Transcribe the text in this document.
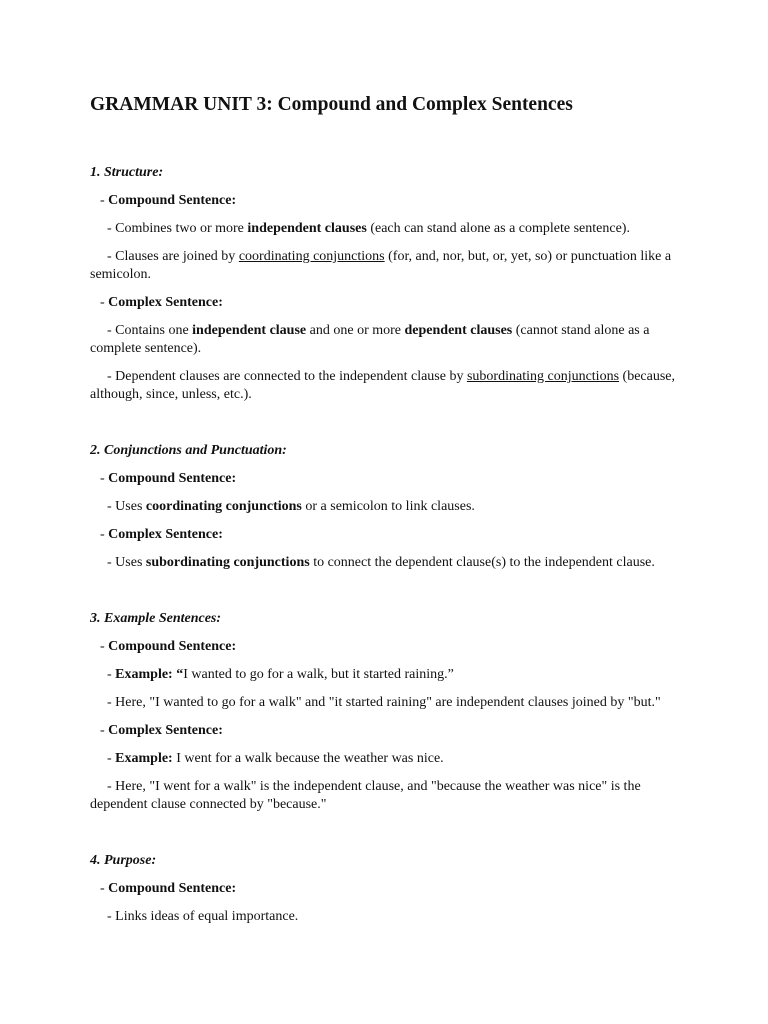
GRAMMAR UNIT 3: Compound and Complex Sentences
1. Structure:
- Compound Sentence:
- Combines two or more independent clauses (each can stand alone as a complete sentence).
- Clauses are joined by coordinating conjunctions (for, and, nor, but, or, yet, so) or punctuation like a semicolon.
- Complex Sentence:
- Contains one independent clause and one or more dependent clauses (cannot stand alone as a complete sentence).
- Dependent clauses are connected to the independent clause by subordinating conjunctions (because, although, since, unless, etc.).
2. Conjunctions and Punctuation:
- Compound Sentence:
- Uses coordinating conjunctions or a semicolon to link clauses.
- Complex Sentence:
- Uses subordinating conjunctions to connect the dependent clause(s) to the independent clause.
3. Example Sentences:
- Compound Sentence:
- Example: “I wanted to go for a walk, but it started raining.”
- Here, "I wanted to go for a walk" and "it started raining" are independent clauses joined by "but."
- Complex Sentence:
- Example: I went for a walk because the weather was nice.
- Here, "I went for a walk" is the independent clause, and "because the weather was nice" is the dependent clause connected by "because."
4. Purpose:
- Compound Sentence:
- Links ideas of equal importance.
